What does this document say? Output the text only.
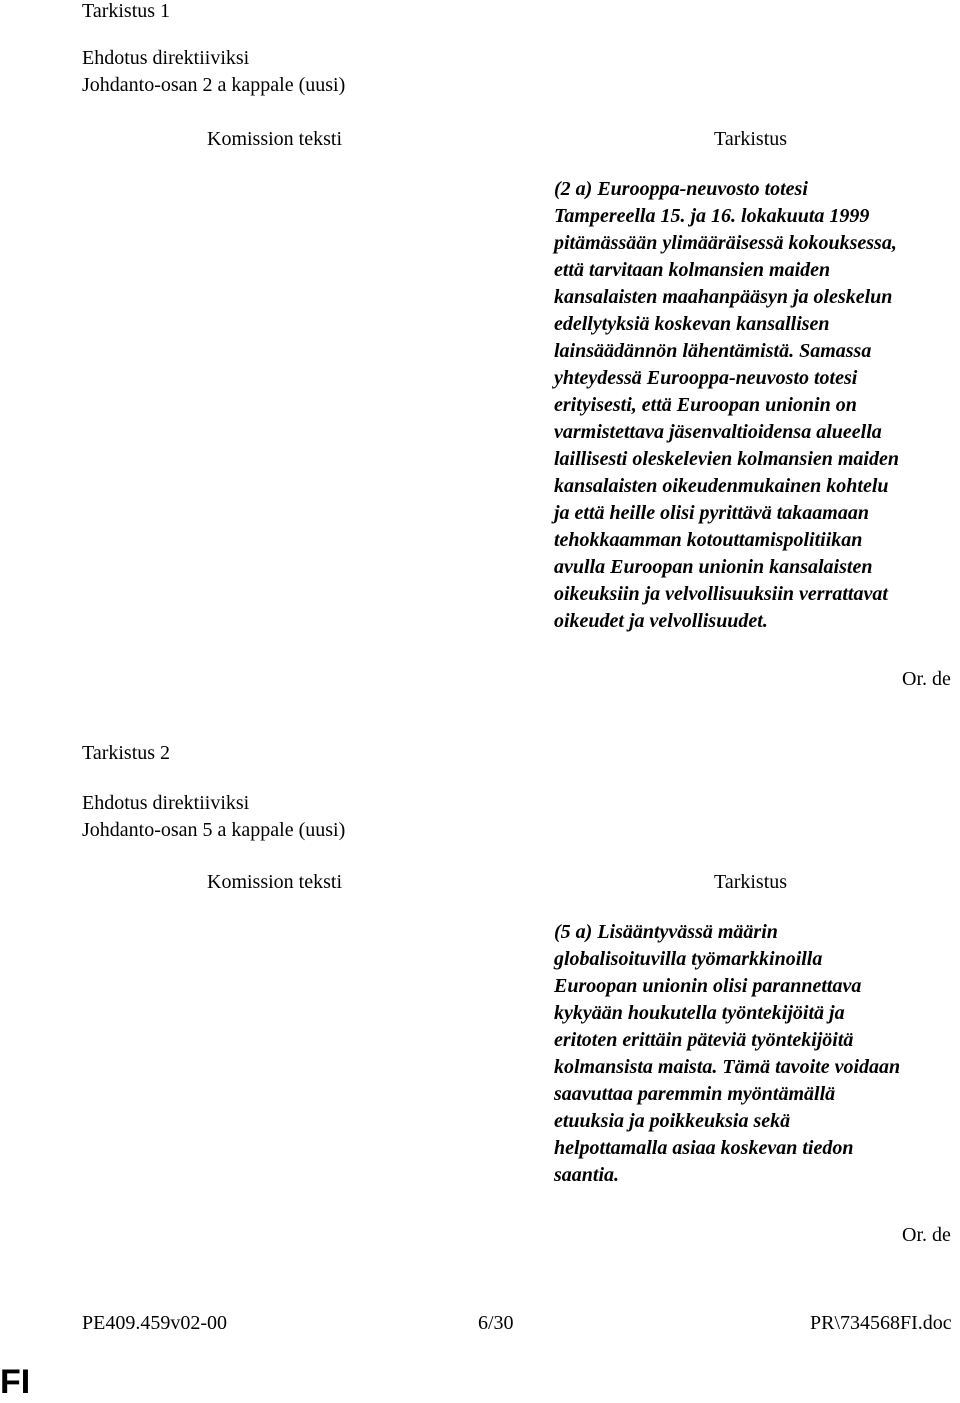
Tarkistus 1
Ehdotus direktiiviksi
Johdanto-osan 2 a kappale (uusi)
Komission teksti	Tarkistus
(2 a) Eurooppa-neuvosto totesi
Tampereella 15. ja 16. lokakuuta 1999
pitämässään ylimääräisessä kokouksessa,
että tarvitaan kolmansien maiden
kansalaisten maahanpääsyn ja oleskelun
edellytyksiä koskevan kansallisen
lainsäädännön lähentämistä. Samassa
yhteydessä Eurooppa-neuvosto totesi
erityisesti, että Euroopan unionin on
varmistettava jäsenvaltioidensa alueella
laillisesti oleskelevien kolmansien maiden
kansalaisten oikeudenmukainen kohtelu
ja että heille olisi pyrittävä takaamaan
tehokkaamman kotouttamispolitiikan
avulla Euroopan unionin kansalaisten
oikeuksiin ja velvollisuuksiin verrattavat
oikeudet ja velvollisuudet.
Or. de
Tarkistus 2
Ehdotus direktiiviksi
Johdanto-osan 5 a kappale (uusi)
Komission teksti	Tarkistus
(5 a) Lisääntyvässä määrin
globalisoituvilla työmarkkinoilla
Euroopan unionin olisi parannettava
kykyään houkutella työntekijöitä ja
eritoten erittäin päteviä työntekijöitä
kolmansista maista. Tämä tavoite voidaan
saavuttaa paremmin myöntämällä
etuuksia ja poikkeuksia sekä
helpottamalla asiaa koskevan tiedon
saantia.
Or. de
PE409.459v02-00	6/30	PR\734568FI.doc
FI
